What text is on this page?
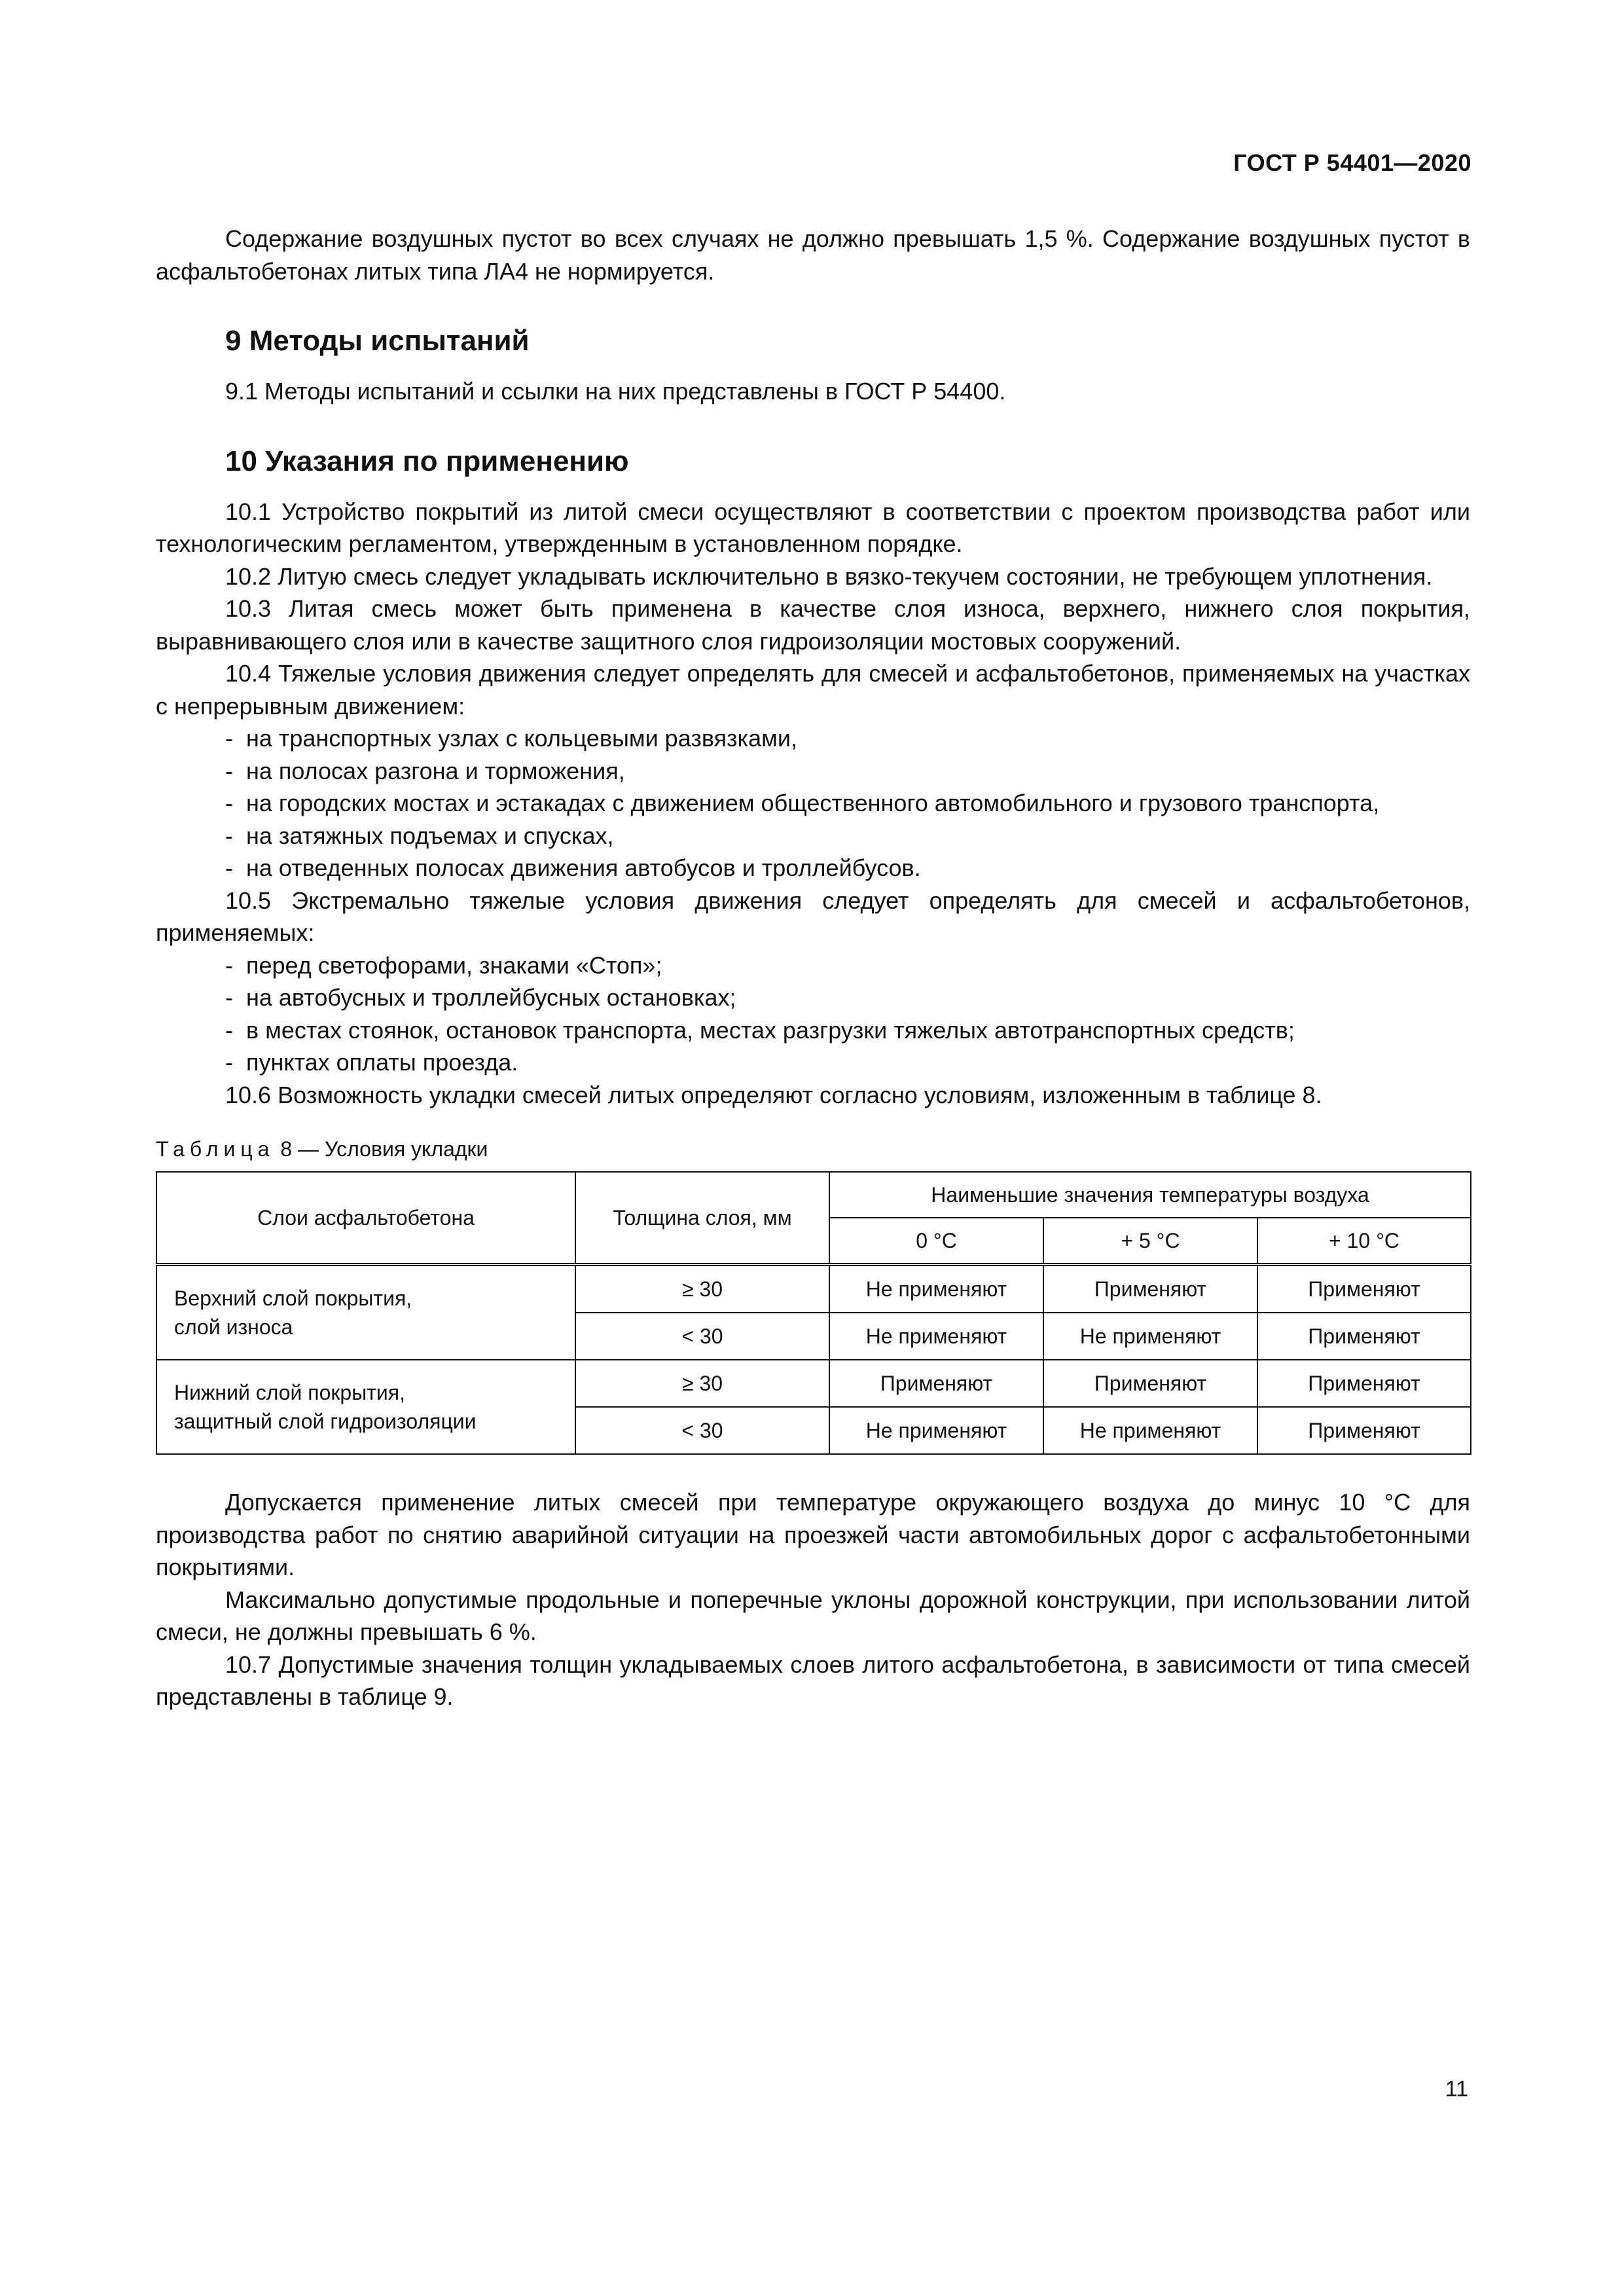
ГОСТ Р 54401—2020

Содержание воздушных пустот во всех случаях не должно превышать 1,5 %. Содержание воздушных пустот в асфальтобетонах литых типа ЛА4 не нормируется.

9 Методы испытаний

9.1 Методы испытаний и ссылки на них представлены в ГОСТ Р 54400.

10 Указания по применению

10.1 Устройство покрытий из литой смеси осуществляют в соответствии с проектом производства работ или технологическим регламентом, утвержденным в установленном порядке.

10.2 Литую смесь следует укладывать исключительно в вязко-текучем состоянии, не требующем уплотнения.

10.3 Литая смесь может быть применена в качестве слоя износа, верхнего, нижнего слоя покрытия, выравнивающего слоя или в качестве защитного слоя гидроизоляции мостовых сооружений.

10.4 Тяжелые условия движения следует определять для смесей и асфальтобетонов, применяемых на участках с непрерывным движением:

- на транспортных узлах с кольцевыми развязками,
- на полосах разгона и торможения,
- на городских мостах и эстакадах с движением общественного автомобильного и грузового транспорта,
- на затяжных подъемах и спусках,
- на отведенных полосах движения автобусов и троллейбусов.

10.5 Экстремально тяжелые условия движения следует определять для смесей и асфальтобетонов, применяемых:

- перед светофорами, знаками «Стоп»;
- на автобусных и троллейбусных остановках;
- в местах стоянок, остановок транспорта, местах разгрузки тяжелых автотранспортных средств;
- пунктах оплаты проезда.

10.6 Возможность укладки смесей литых определяют согласно условиям, изложенным в таблице 8.

Таблица 8 — Условия укладки
Слои асфальтобетона	Толщина слоя, мм	Наименьшие значения температуры воздуха		
		0 °С	+ 5 °С	+ 10 °С
Верхний слой покрытия,
слой износа	≥ 30	Не применяют	Применяют	Применяют
	< 30	Не применяют	Не применяют	Применяют
Нижний слой покрытия,
защитный слой гидроизоляции	≥ 30	Применяют	Применяют	Применяют
	< 30	Не применяют	Не применяют	Применяют

Допускается применение литых смесей при температуре окружающего воздуха до минус 10 °С для производства работ по снятию аварийной ситуации на проезжей части автомобильных дорог с асфальтобетонными покрытиями.

Максимально допустимые продольные и поперечные уклоны дорожной конструкции, при использовании литой смеси, не должны превышать 6 %.

10.7 Допустимые значения толщин укладываемых слоев литого асфальтобетона, в зависимости от типа смесей представлены в таблице 9.

11
